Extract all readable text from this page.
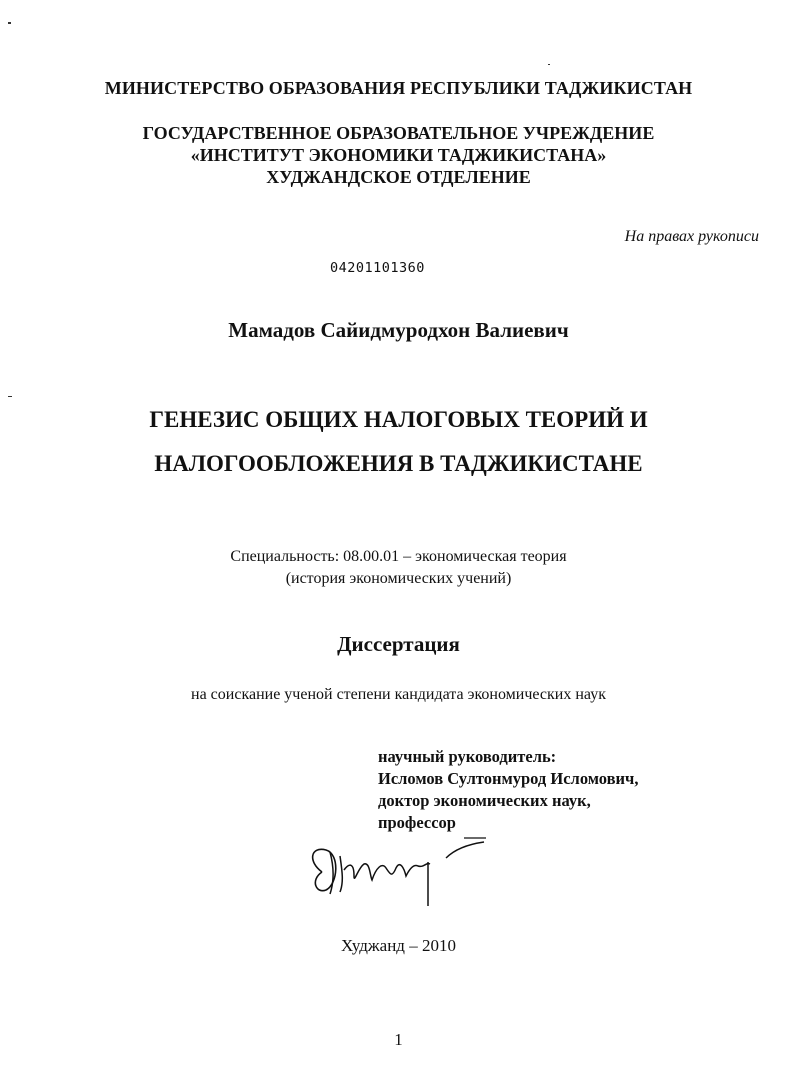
МИНИСТЕРСТВО ОБРАЗОВАНИЯ РЕСПУБЛИКИ ТАДЖИКИСТАН
ГОСУДАРСТВЕННОЕ ОБРАЗОВАТЕЛЬНОЕ УЧРЕЖДЕНИЕ
«ИНСТИТУТ ЭКОНОМИКИ ТАДЖИКИСТАНА»
ХУДЖАНДСКОЕ ОТДЕЛЕНИЕ
На правах рукописи
04201101360
Мамадов Сайидмуродхон Валиевич
ГЕНЕЗИС ОБЩИХ НАЛОГОВЫХ ТЕОРИЙ И
НАЛОГООБЛОЖЕНИЯ В ТАДЖИКИСТАНЕ
Специальность: 08.00.01 – экономическая теория
(история экономических учений)
Диссертация
на соискание ученой степени кандидата экономических наук
научный руководитель:
Исломов Султонмурод Исломович,
доктор экономических наук,
профессор
Худжанд – 2010
1
